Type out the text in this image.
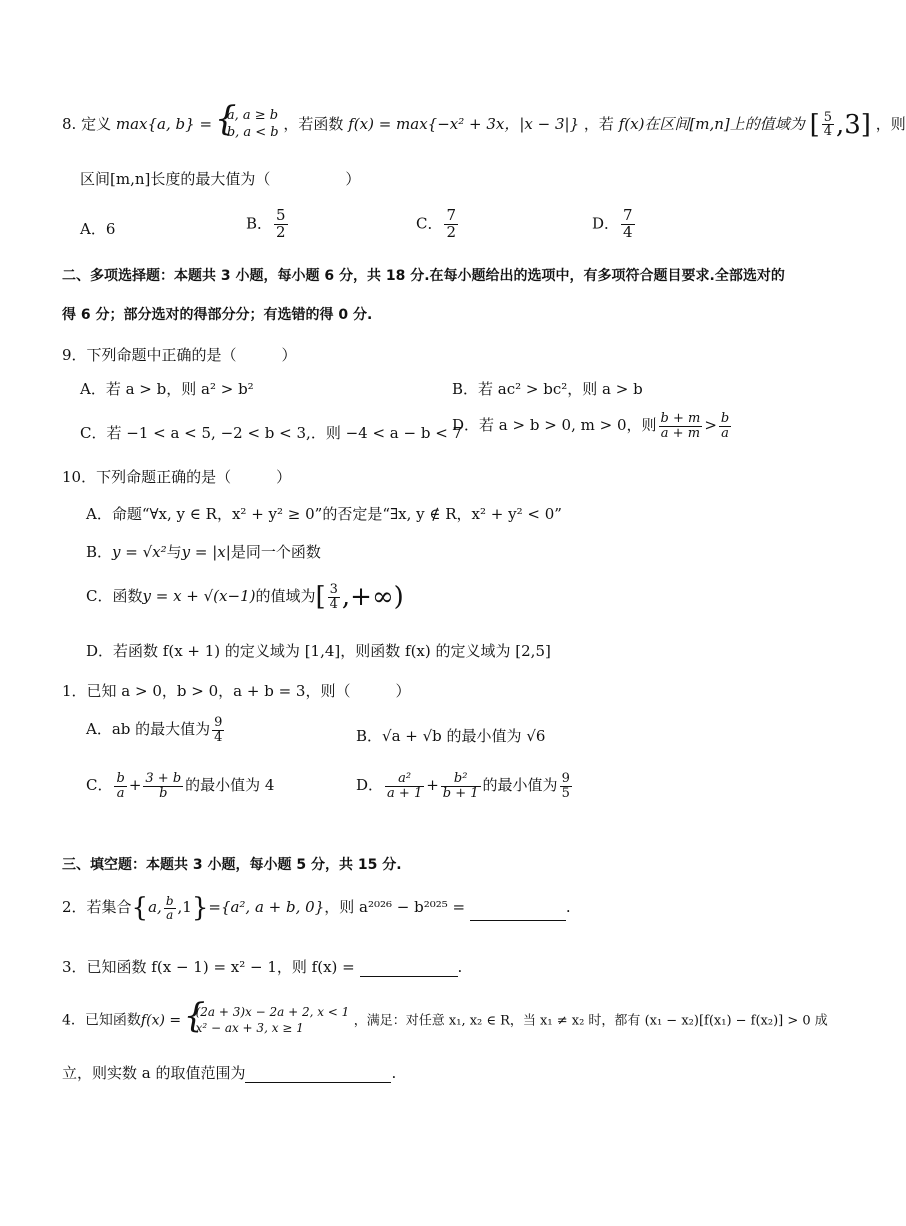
8. 定义 max{a, b} =
{ a, a ≥ b
b, a < b ，若函数 f(x) = max{−x² + 3x，|x − 3|} ，若 f(x)在区间[m,n]上的值域为 [ $\frac{5}{4} ,3$] ，则
区间[m,n]长度的最大值为（　　　　　）
A．6	B． $\frac{5}{2}$	C． $\frac{7}{2}$	D． $\frac{7}{4}$
二、多项选择题：本题共 3 小题，每小题 6 分，共 18 分.在每小题给出的选项中，有多项符合题目要求.全部选对的
得 6 分；部分选对的得部分分；有选错的得 0 分.
9．下列命题中正确的是（　　　）
A．若 a > b，则 a² > b²	B．若 ac² > bc²，则 a > b
C．若 −1 < a < 5, −2 < b < 3,．则 −4 < a − b < 7
D．若 a > b > 0, m > 0，则 $\frac{b + m}{a + m} > \frac{b}{a}$
10．下列命题正确的是（　　　）
A．命题“∀x, y ∈ R，x² + y² ≥ 0”的否定是“∃x, y ∉ R，x² + y² < 0”
B．y = √x²与y = |x|是同一个函数
C．函数y = x + √(x−1)的值域为[ $\frac{3}{4}$ ,+∞)
D．若函数 f(x + 1) 的定义域为 [1,4]，则函数 f(x) 的定义域为 [2,5]
1．已知 a > 0，b > 0，a + b = 3，则（　　　）
A．ab 的最大值为 $\frac{9}{4}$	B．√a + √b 的最小值为 √6
C． $\frac{b}{a} + \frac{3 + b}{b}$ 的最小值为 4	D． $\frac{\text{a²}}{a + 1} + \frac{\text{b²}}{b + 1}$ 的最小值为 $\frac{9}{5}$
三、填空题：本题共 3 小题，每小题 5 分，共 15 分.
2．若集合{a, $\frac{b}{a} ,1\}=\{a^2$, a + b, 0}，则 a²⁰²⁶ − b²⁰²⁵ =	.
3．已知函数 f(x − 1) = x² − 1，则 f(x) =	.
4．已知函数f(x) =
{ (2a + 3)x − 2a + 2, x < 1
x² − ax + 3, x ≥ 1	，满足：对任意 x₁, x₂ ∈ R，当 x₁ ≠ x₂ 时，都有 (x₁ − x₂)[f(x₁) − f(x₂)] > 0 成
立，则实数 a 的取值范围为	.
